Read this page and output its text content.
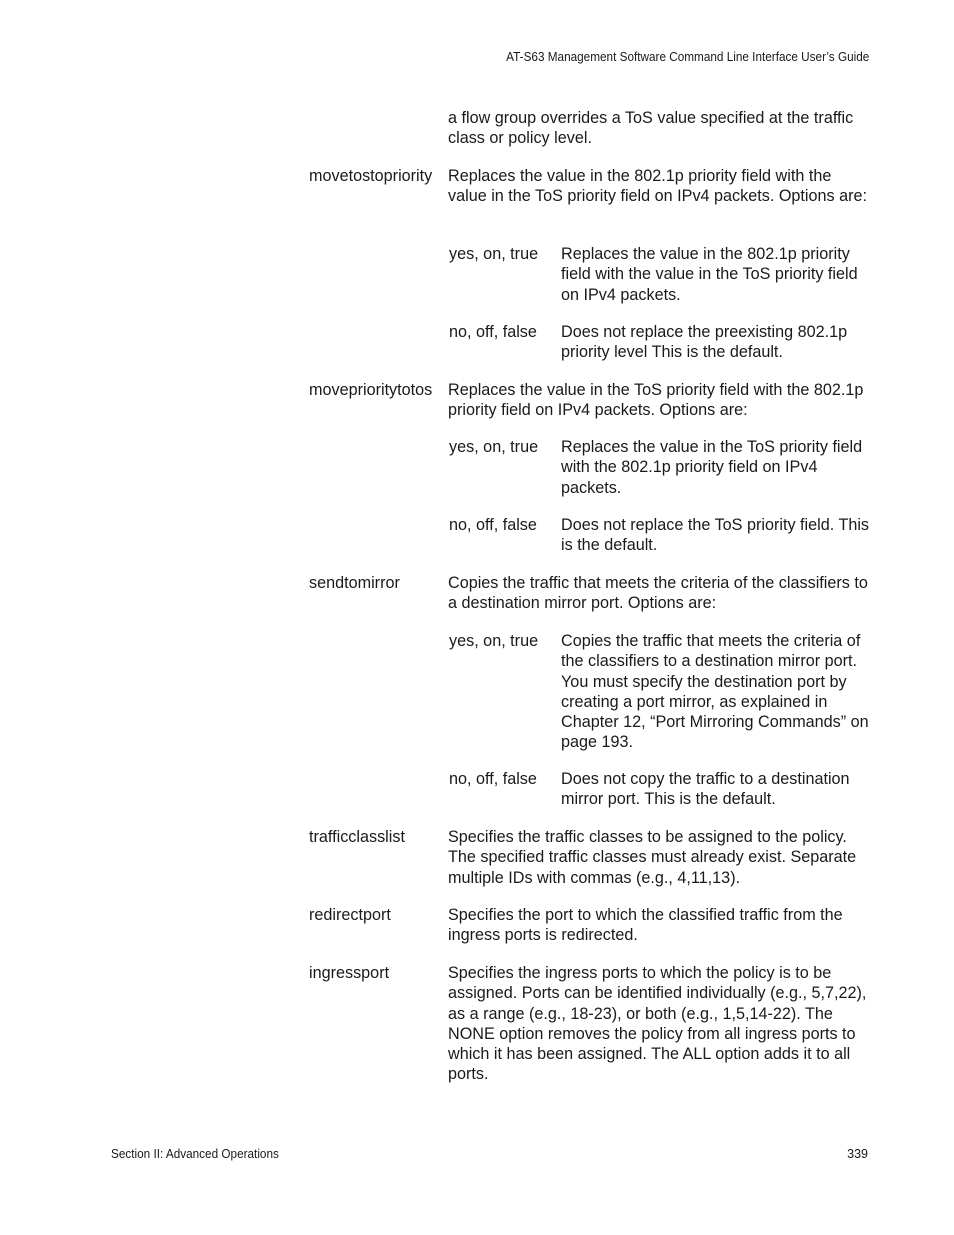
AT-S63 Management Software Command Line Interface User’s Guide
a flow group overrides a ToS value specified at the traffic class or policy level.
movetostopriority Replaces the value in the 802.1p priority field with the value in the ToS priority field on IPv4 packets. Options are:
yes, on, true Replaces the value in the 802.1p priority field with the value in the ToS priority field on IPv4 packets.
no, off, false Does not replace the preexisting 802.1p priority level This is the default.
moveprioritytotos Replaces the value in the ToS priority field with the 802.1p priority field on IPv4 packets. Options are:
yes, on, true Replaces the value in the ToS priority field with the 802.1p priority field on IPv4 packets.
no, off, false Does not replace the ToS priority field. This is the default.
sendtomirror	Copies the traffic that meets the criteria of the classifiers to a destination mirror port. Options are:
yes, on, true Copies the traffic that meets the criteria of the classifiers to a destination mirror port. You must specify the destination port by creating a port mirror, as explained in Chapter 12, “Port Mirroring Commands” on page 193.
no, off, false Does not copy the traffic to a destination mirror port. This is the default.
trafficclasslist	Specifies the traffic classes to be assigned to the policy. The specified traffic classes must already exist. Separate multiple IDs with commas (e.g., 4,11,13).
redirectport	Specifies the port to which the classified traffic from the ingress ports is redirected.
ingressport	Specifies the ingress ports to which the policy is to be assigned. Ports can be identified individually (e.g., 5,7,22), as a range (e.g., 18-23), or both (e.g., 1,5,14-22). The NONE option removes the policy from all ingress ports to which it has been assigned. The ALL option adds it to all ports.
Section II: Advanced Operations	339
